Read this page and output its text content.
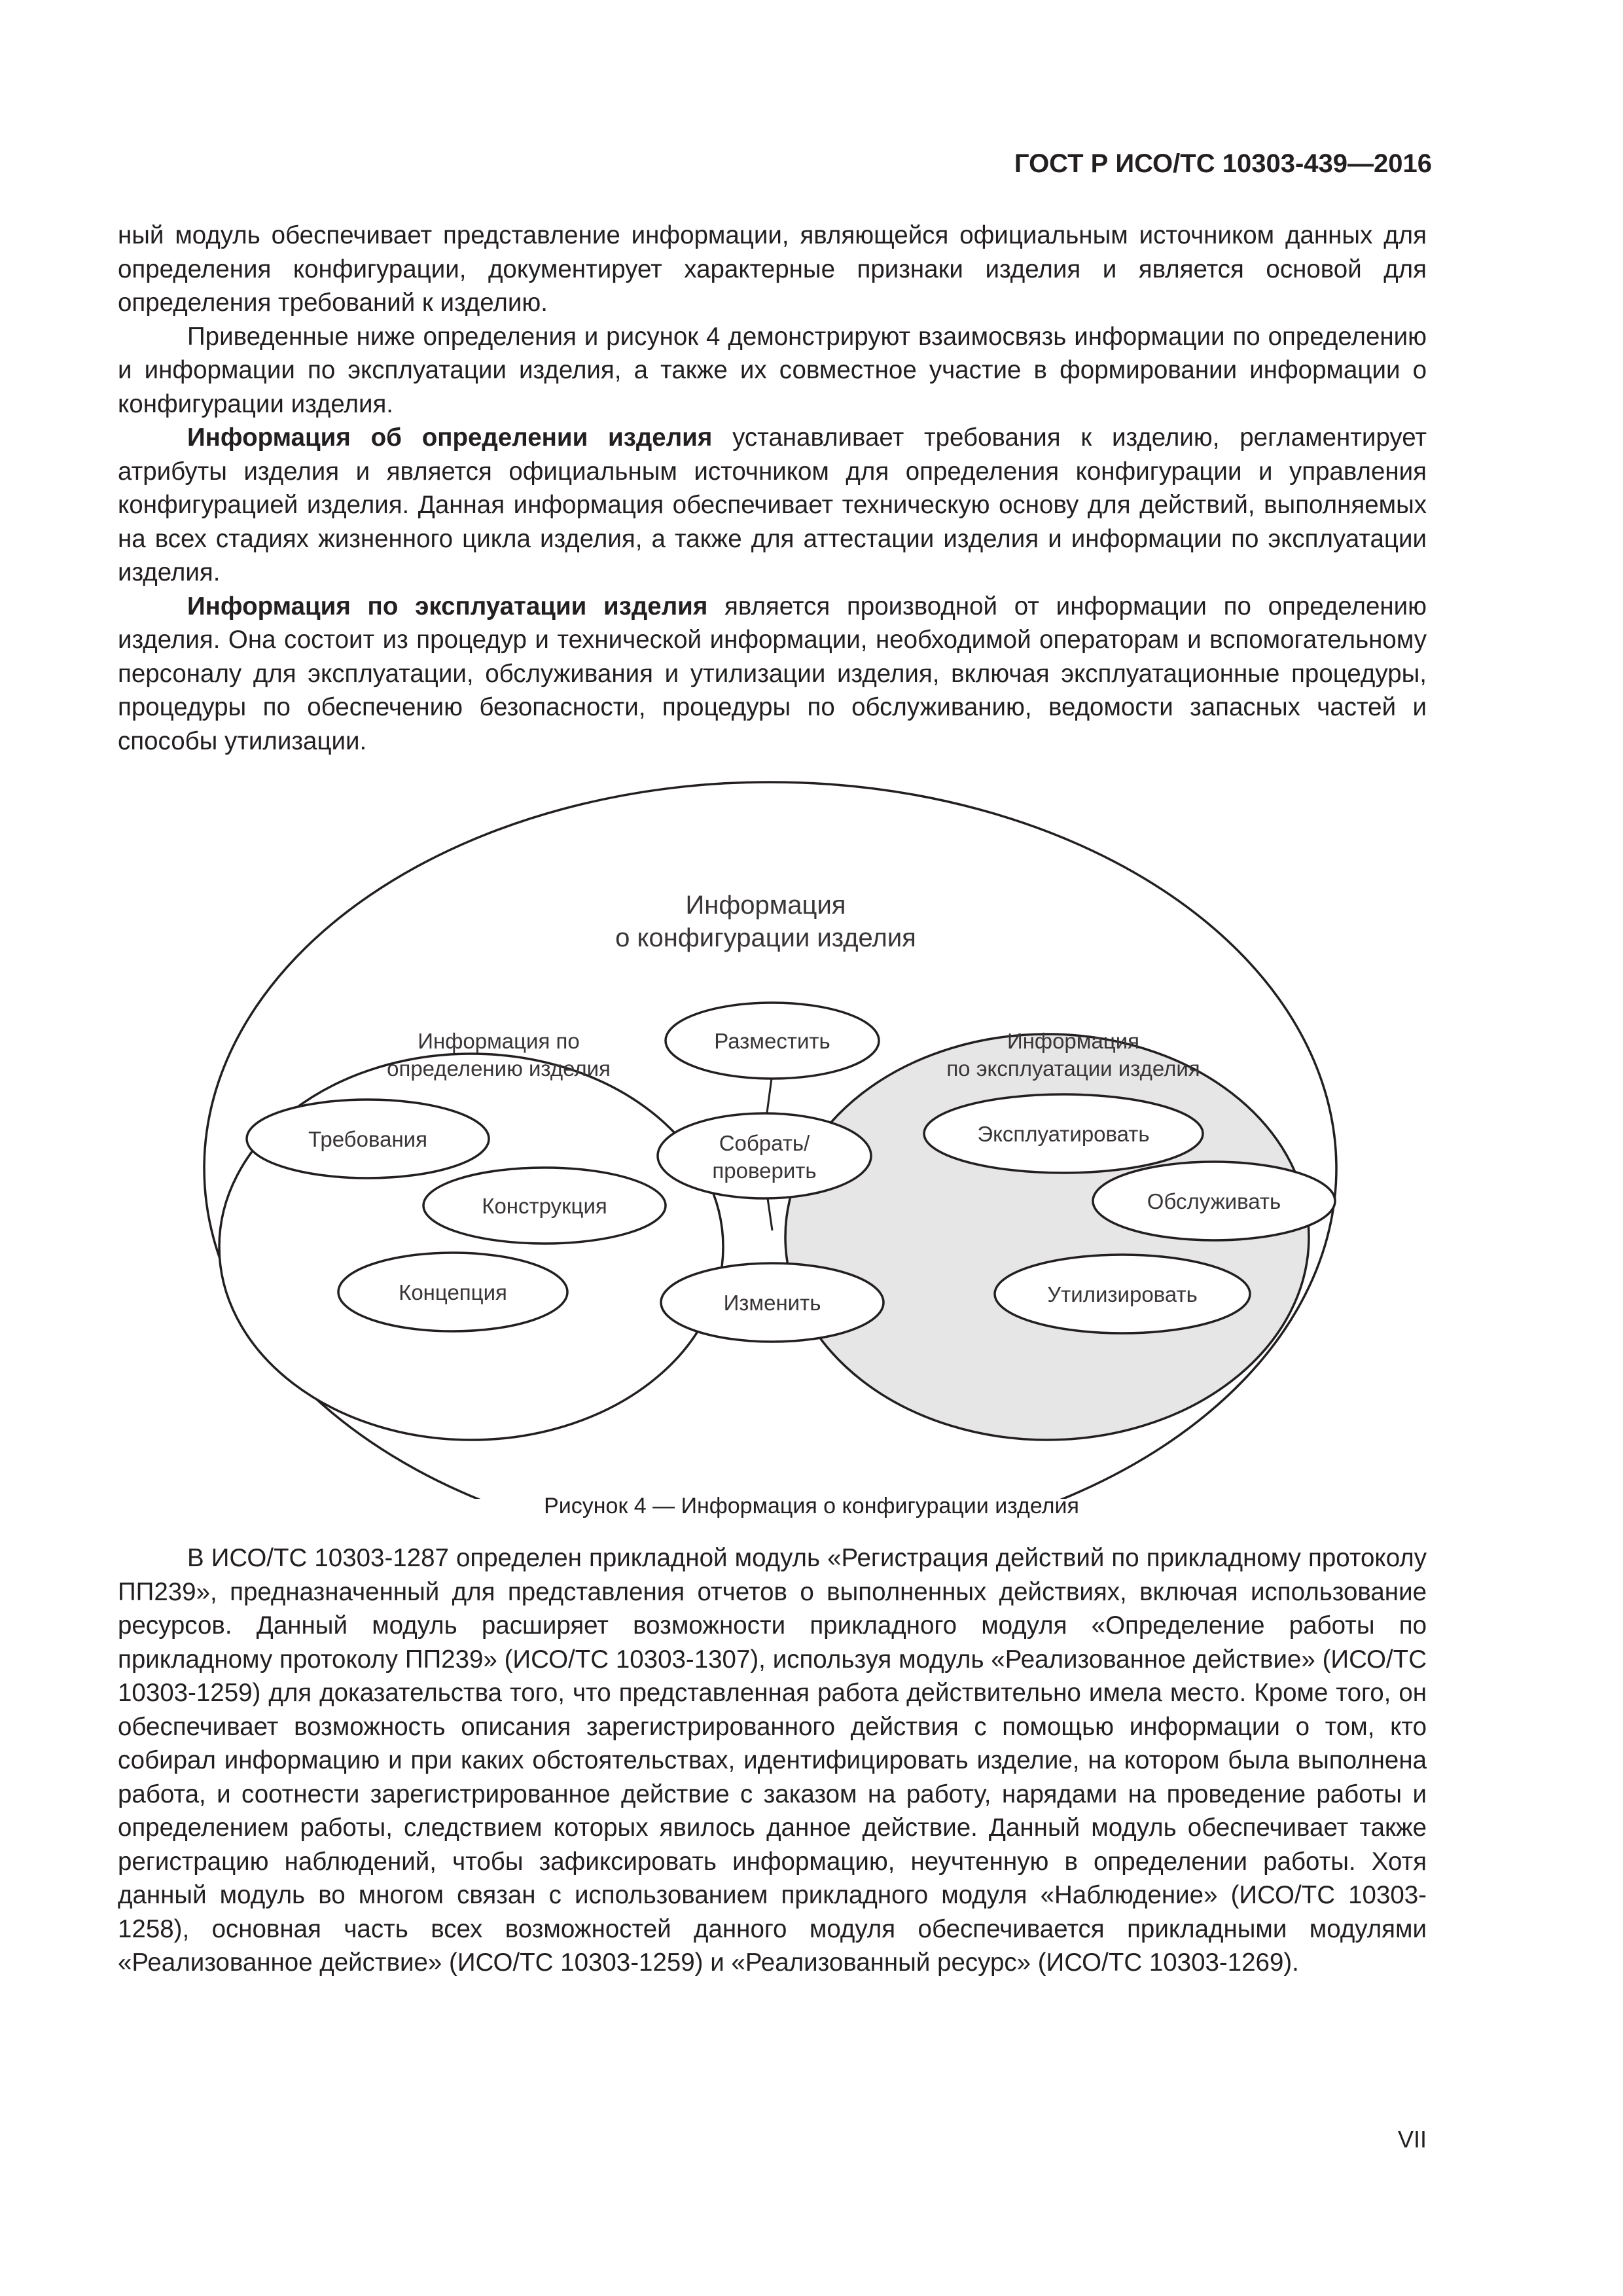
ГОСТ Р ИСО/ТС 10303-439—2016

ный модуль обеспечивает представление информации, являющейся официальным источником данных для определения конфигурации, документирует характерные признаки изделия и является основой для определения требований к изделию.

Приведенные ниже определения и рисунок 4 демонстрируют взаимосвязь информации по определению и информации по эксплуатации изделия, а также их совместное участие в формировании информации о конфигурации изделия.

Информация об определении изделия устанавливает требования к изделию, регламентирует атрибуты изделия и является официальным источником для определения конфигурации и управления конфигурацией изделия. Данная информация обеспечивает техническую основу для действий, выполняемых на всех стадиях жизненного цикла изделия, а также для аттестации изделия и информации по эксплуатации изделия.

Информация по эксплуатации изделия является производной от информации по определению изделия. Она состоит из процедур и технической информации, необходимой операторам и вспомогательному персоналу для эксплуатации, обслуживания и утилизации изделия, включая эксплуатационные процедуры, процедуры по обеспечению безопасности, процедуры по обслуживанию, ведомости запасных частей и способы утилизации.

Информация
о конфигурации изделия
Информация по
определению изделия
Информация
по эксплуатации изделия
Разместить
Собрать/
проверить
Изменить
Требования
Конструкция
Концепция
Эксплуатировать
Обслуживать
Утилизировать
Рисунок 4 — Информация о конфигурации изделия

В ИСО/ТС 10303-1287 определен прикладной модуль «Регистрация действий по прикладному протоколу ПП239», предназначенный для представления отчетов о выполненных действиях, включая использование ресурсов. Данный модуль расширяет возможности прикладного модуля «Определение работы по прикладному протоколу ПП239» (ИСО/ТС 10303-1307), используя модуль «Реализованное действие» (ИСО/ТС 10303-1259) для доказательства того, что представленная работа действительно имела место. Кроме того, он обеспечивает возможность описания зарегистрированного действия с помощью информации о том, кто собирал информацию и при каких обстоятельствах, идентифицировать изделие, на котором была выполнена работа, и соотнести зарегистрированное действие с заказом на работу, нарядами на проведение работы и определением работы, следствием которых явилось данное действие. Данный модуль обеспечивает также регистрацию наблюдений, чтобы зафиксировать информацию, неучтенную в определении работы. Хотя данный модуль во многом связан с использованием прикладного модуля «Наблюдение» (ИСО/ТС 10303-1258), основная часть всех возможностей данного модуля обеспечивается прикладными модулями «Реализованное действие» (ИСО/ТС 10303-1259) и «Реализованный ресурс» (ИСО/ТС 10303-1269).

VII
